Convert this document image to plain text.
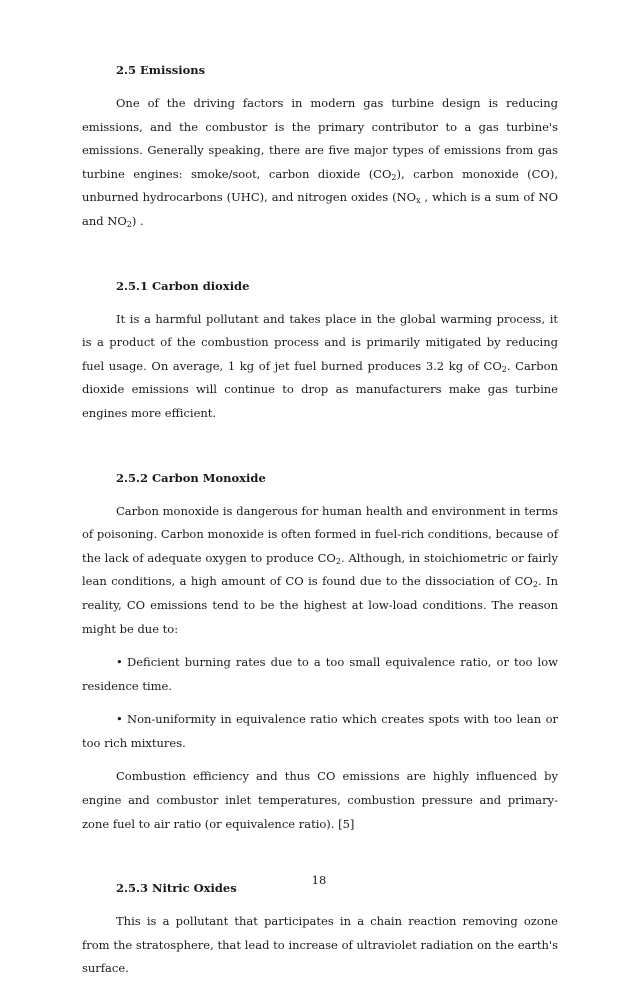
2.5 Emissions

One of the driving factors in modern gas turbine design is reducing emissions, and the combustor is the primary contributor to a gas turbine's emissions. Generally speaking, there are five major types of emissions from gas turbine engines: smoke/soot, carbon dioxide $(CO_2)$, carbon monoxide (CO), unburned hydrocarbons (UHC), and nitrogen oxides ($NO_x$ , which is a sum of NO and $NO_2$) .

2.5.1 Carbon dioxide

It is a harmful pollutant and takes place in the global warming process, it is a product of the combustion process and is primarily mitigated by reducing fuel usage. On average, 1 kg of jet fuel burned produces 3.2 kg of $CO_2$. Carbon dioxide emissions will continue to drop as manufacturers make gas turbine engines more efficient.

2.5.2 Carbon Monoxide

Carbon monoxide is dangerous for human health and environment in terms of poisoning. Carbon monoxide is often formed in fuel-rich conditions, because of the lack of adequate oxygen to produce $CO_2$. Although, in stoichiometric or fairly lean conditions, a high amount of CO is found due to the dissociation of $CO_2$. In reality, CO emissions tend to be the highest at low-load conditions. The reason might be due to:

• Deficient burning rates due to a too small equivalence ratio, or too low residence time.

• Non-uniformity in equivalence ratio which creates spots with too lean or too rich mixtures.

Combustion efficiency and thus CO emissions are highly influenced by engine and combustor inlet temperatures, combustion pressure and primary-zone fuel to air ratio (or equivalence ratio). [5]

2.5.3 Nitric Oxides

This is a pollutant that participates in a chain reaction removing ozone from the stratosphere, that lead to increase of ultraviolet radiation on the earth's surface.

18
